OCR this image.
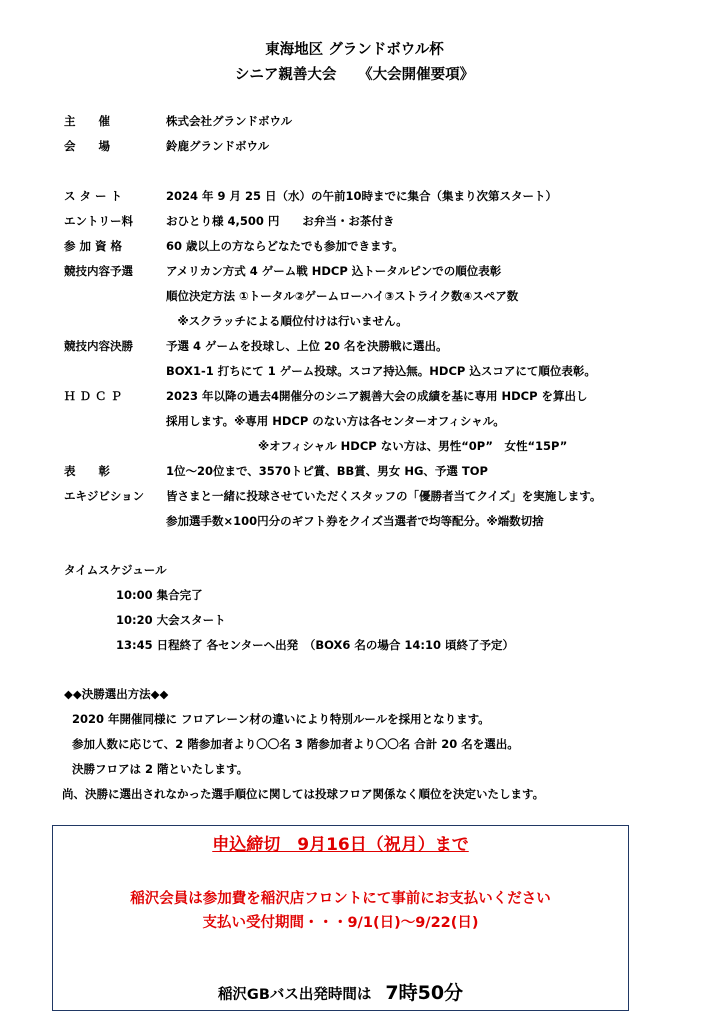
東海地区 グランドボウル杯
シニア親善大会　　《大会開催要項》
主　　催	株式会社グランドボウル
会　　場	鈴鹿グランドボウル
ス タ ー ト	2024 年 9 月 25 日（水）の午前10時までに集合（集まり次第スタート）
エントリー料	おひとり様 4,500 円　　お弁当・お茶付き
参 加 資 格	60 歳以上の方ならどなたでも参加できます。
競技内容予選	アメリカン方式 4 ゲーム戦 HDCP 込トータルピンでの順位表彰
順位決定方法 ①トータル②ゲームローハイ③ストライク数④スペア数
　※スクラッチによる順位付けは行いません。
競技内容決勝	予選 4 ゲームを投球し、上位 20 名を決勝戦に選出。
BOX1-1 打ちにて 1 ゲーム投球。スコア持込無。HDCP 込スコアにて順位表彰。
Ｈ Ｄ Ｃ Ｐ	2023 年以降の過去4開催分のシニア親善大会の成績を基に専用 HDCP を算出し
採用します。※専用 HDCP のない方は各センターオフィシャル。
　　　　　　　　※オフィシャル HDCP ない方は、男性“0P”　女性“15P”
表　　彰	1位～20位まで、3570トピ賞、BB賞、男女 HG、予選 TOP
エキジビション	皆さまと一緒に投球させていただくスタッフの「優勝者当てクイズ」を実施します。
参加選手数×100円分のギフト券をクイズ当選者で均等配分。※端数切捨
タイムスケジュール
10:00 集合完了
10:20 大会スタート
13:45 日程終了 各センターへ出発　（BOX6 名の場合 14:10 頃終了予定）
◆◆決勝選出方法◆◆
2020 年開催同様に フロアレーン材の違いにより特別ルールを採用となります。
参加人数に応じて、2 階参加者より〇〇名 3 階参加者より〇〇名 合計 20 名を選出。
決勝フロアは 2 階といたします。
尚、決勝に選出されなかった選手順位に関しては投球フロア関係なく順位を決定いたします。
申込締切　9月16日（祝月）まで
稲沢会員は参加費を稲沢店フロントにて事前にお支払いください
支払い受付期間・・・9/1(日)～9/22(日)
稲沢GBバス出発時間は 7時50分
